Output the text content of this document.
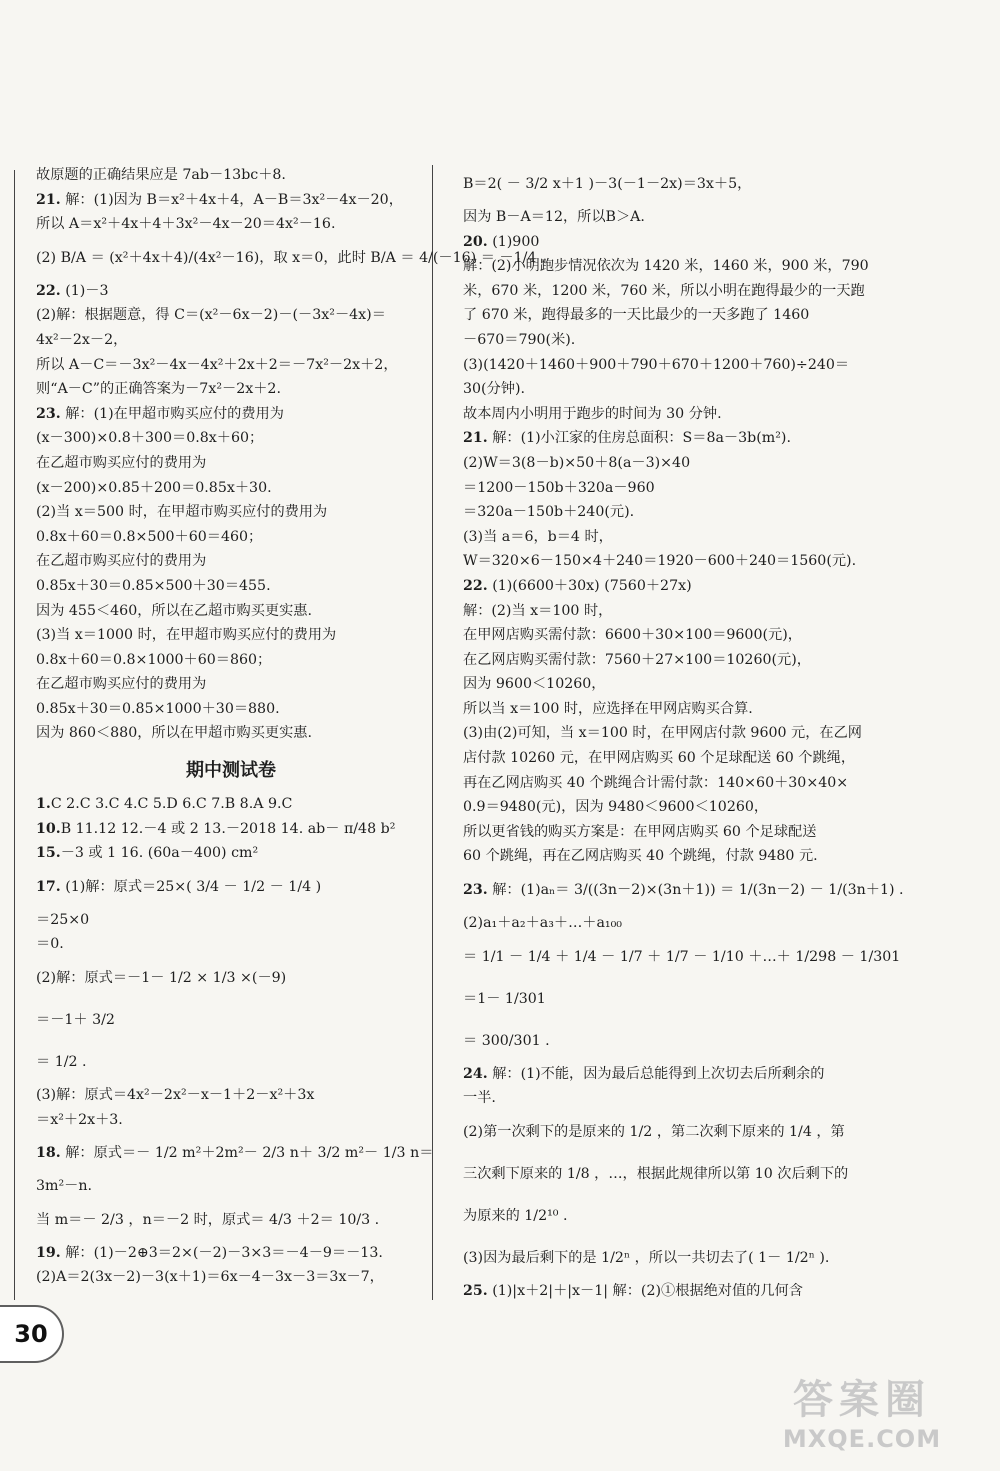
故原题的正确结果应是 7ab－13bc＋8.
21. 解：(1)因为 B＝x²＋4x＋4，A－B＝3x²－4x－20，
所以 A＝x²＋4x＋4＋3x²－4x－20＝4x²－16.
(2) B/A ＝ (x²＋4x＋4)/(4x²－16)，取 x＝0，此时 B/A ＝ 4/(－16) ＝ －1/4 .
22. (1)－3
(2)解：根据题意，得 C＝(x²－6x－2)－(－3x²－4x)＝
4x²－2x－2，
所以 A－C＝－3x²－4x－4x²＋2x＋2＝－7x²－2x＋2，
则“A－C”的正确答案为－7x²－2x＋2.
23. 解：(1)在甲超市购买应付的费用为
(x－300)×0.8＋300＝0.8x＋60；
在乙超市购买应付的费用为
(x－200)×0.85＋200＝0.85x＋30.
(2)当 x＝500 时，在甲超市购买应付的费用为
0.8x＋60＝0.8×500＋60＝460；
在乙超市购买应付的费用为
0.85x＋30＝0.85×500＋30＝455.
因为 455＜460，所以在乙超市购买更实惠.
(3)当 x＝1000 时，在甲超市购买应付的费用为
0.8x＋60＝0.8×1000＋60＝860；
在乙超市购买应付的费用为
0.85x＋30＝0.85×1000＋30＝880.
因为 860＜880，所以在甲超市购买更实惠.
期中测试卷
1.C 2.C 3.C 4.C 5.D 6.C 7.B 8.A 9.C
10.B 11.12 12.－4 或 2 13.－2018 14. ab－ π/48 b²
15.－3 或 1 16. (60a－400) cm²
17. (1)解：原式＝25×( 3/4 － 1/2 － 1/4 )
＝25×0
＝0.
(2)解：原式＝－1－ 1/2 × 1/3 ×(－9)
＝－1＋ 3/2
＝ 1/2 .
(3)解：原式＝4x²－2x²－x－1＋2－x²＋3x
＝x²＋2x＋3.
18. 解：原式＝－ 1/2 m²＋2m²－ 2/3 n＋ 3/2 m²－ 1/3 n＝
3m²－n.
当 m＝－ 2/3 ，n＝－2 时，原式＝ 4/3 ＋2＝ 10/3 .
19. 解：(1)－2⊕3＝2×(－2)－3×3＝－4－9＝－13.
(2)A＝2(3x－2)－3(x＋1)＝6x－4－3x－3＝3x－7，
B＝2( － 3/2 x＋1 )－3(－1－2x)＝3x＋5，
因为 B－A＝12，所以B＞A.
20. (1)900
解：(2)小明跑步情况依次为 1420 米，1460 米，900 米，790
米，670 米，1200 米，760 米，所以小明在跑得最少的一天跑
了 670 米，跑得最多的一天比最少的一天多跑了 1460
－670＝790(米).
(3)(1420＋1460＋900＋790＋670＋1200＋760)÷240＝
30(分钟).
故本周内小明用于跑步的时间为 30 分钟.
21. 解：(1)小江家的住房总面积：S＝8a－3b(m²).
(2)W＝3(8－b)×50＋8(a－3)×40
＝1200－150b＋320a－960
＝320a－150b＋240(元).
(3)当 a＝6，b＝4 时，
W＝320×6－150×4＋240＝1920－600＋240＝1560(元).
22. (1)(6600＋30x) (7560＋27x)
解：(2)当 x＝100 时，
在甲网店购买需付款：6600＋30×100＝9600(元)，
在乙网店购买需付款：7560＋27×100＝10260(元)，
因为 9600＜10260，
所以当 x＝100 时，应选择在甲网店购买合算.
(3)由(2)可知，当 x＝100 时，在甲网店付款 9600 元，在乙网
店付款 10260 元，在甲网店购买 60 个足球配送 60 个跳绳，
再在乙网店购买 40 个跳绳合计需付款：140×60＋30×40×
0.9＝9480(元)，因为 9480＜9600＜10260，
所以更省钱的购买方案是：在甲网店购买 60 个足球配送
60 个跳绳，再在乙网店购买 40 个跳绳，付款 9480 元.
23. 解：(1)aₙ＝ 3/((3n－2)×(3n＋1)) ＝ 1/(3n－2) － 1/(3n＋1) .
(2)a₁＋a₂＋a₃＋…＋a₁₀₀
＝ 1/1 － 1/4 ＋ 1/4 － 1/7 ＋ 1/7 － 1/10 ＋…＋ 1/298 － 1/301
＝1－ 1/301
＝ 300/301 .
24. 解：(1)不能，因为最后总能得到上次切去后所剩余的
一半.
(2)第一次剩下的是原来的 1/2 ，第二次剩下原来的 1/4 ，第
三次剩下原来的 1/8 ，…，根据此规律所以第 10 次后剩下的
为原来的 1/2¹⁰ .
(3)因为最后剩下的是 1/2ⁿ ，所以一共切去了( 1－ 1/2ⁿ ).
25. (1)|x＋2|＋|x－1| 解：(2)①根据绝对值的几何含
30
答案圈
MXQE.COM
